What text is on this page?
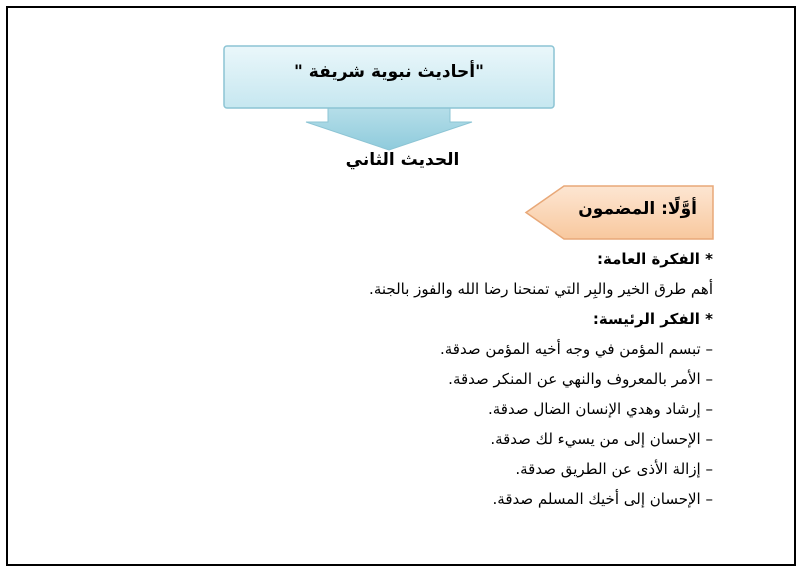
"أحاديث نبوية شريفة "
الحديث الثاني
أوَّلًا: المضمون
* الفكرة العامة:
أهم طرق الخير والبِر التي تمنحنا رضا الله والفوز بالجنة.
* الفكر الرئيسة:
– تبسم المؤمن في وجه أخيه المؤمن صدقة.
– الأمر بالمعروف والنهي عن المنكر صدقة.
– إرشاد وهدي الإنسان الضال صدقة.
– الإحسان إلى من يسيء لك صدقة.
– إزالة الأذى عن الطريق صدقة.
– الإحسان إلى أخيك المسلم صدقة.
